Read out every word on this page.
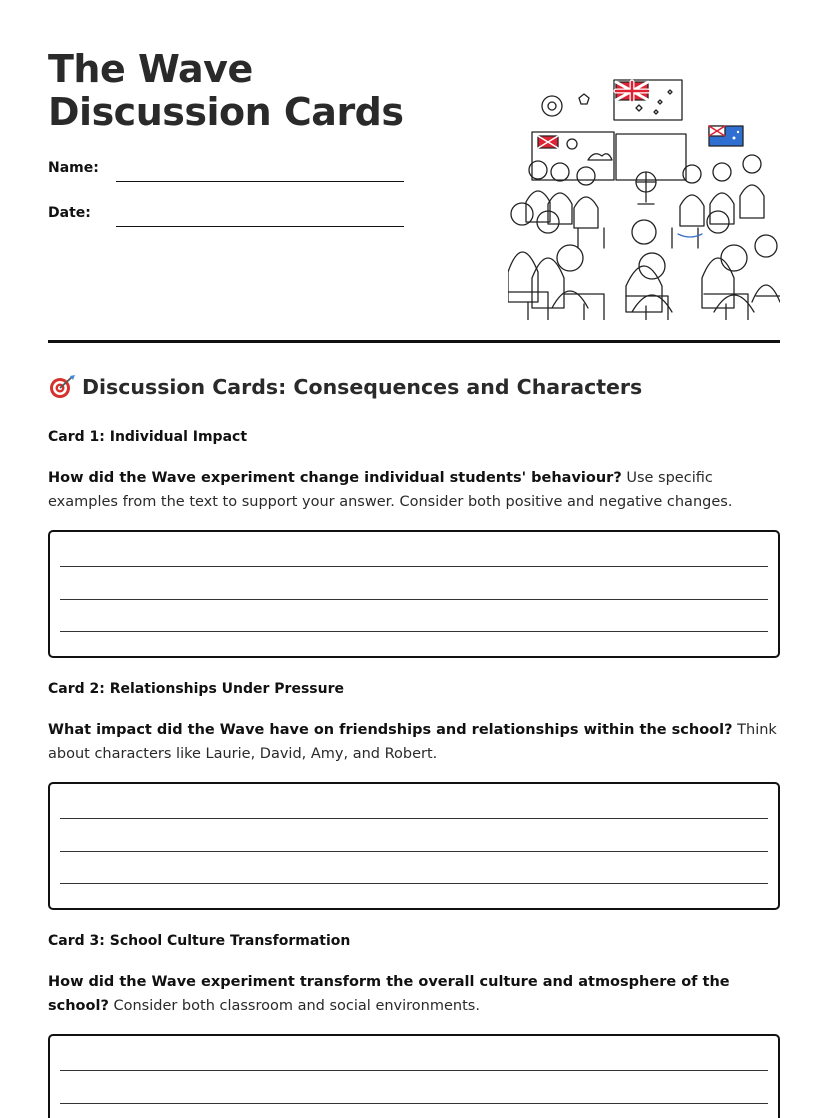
The Wave Discussion Cards
Name:
Date:
Discussion Cards: Consequences and Characters

Card 1: Individual Impact

How did the Wave experiment change individual students' behaviour? Use specific examples from the text to support your answer. Consider both positive and negative changes.

Card 2: Relationships Under Pressure

What impact did the Wave have on friendships and relationships within the school? Think about characters like Laurie, David, Amy, and Robert.

Card 3: School Culture Transformation

How did the Wave experiment transform the overall culture and atmosphere of the school? Consider both classroom and social environments.
